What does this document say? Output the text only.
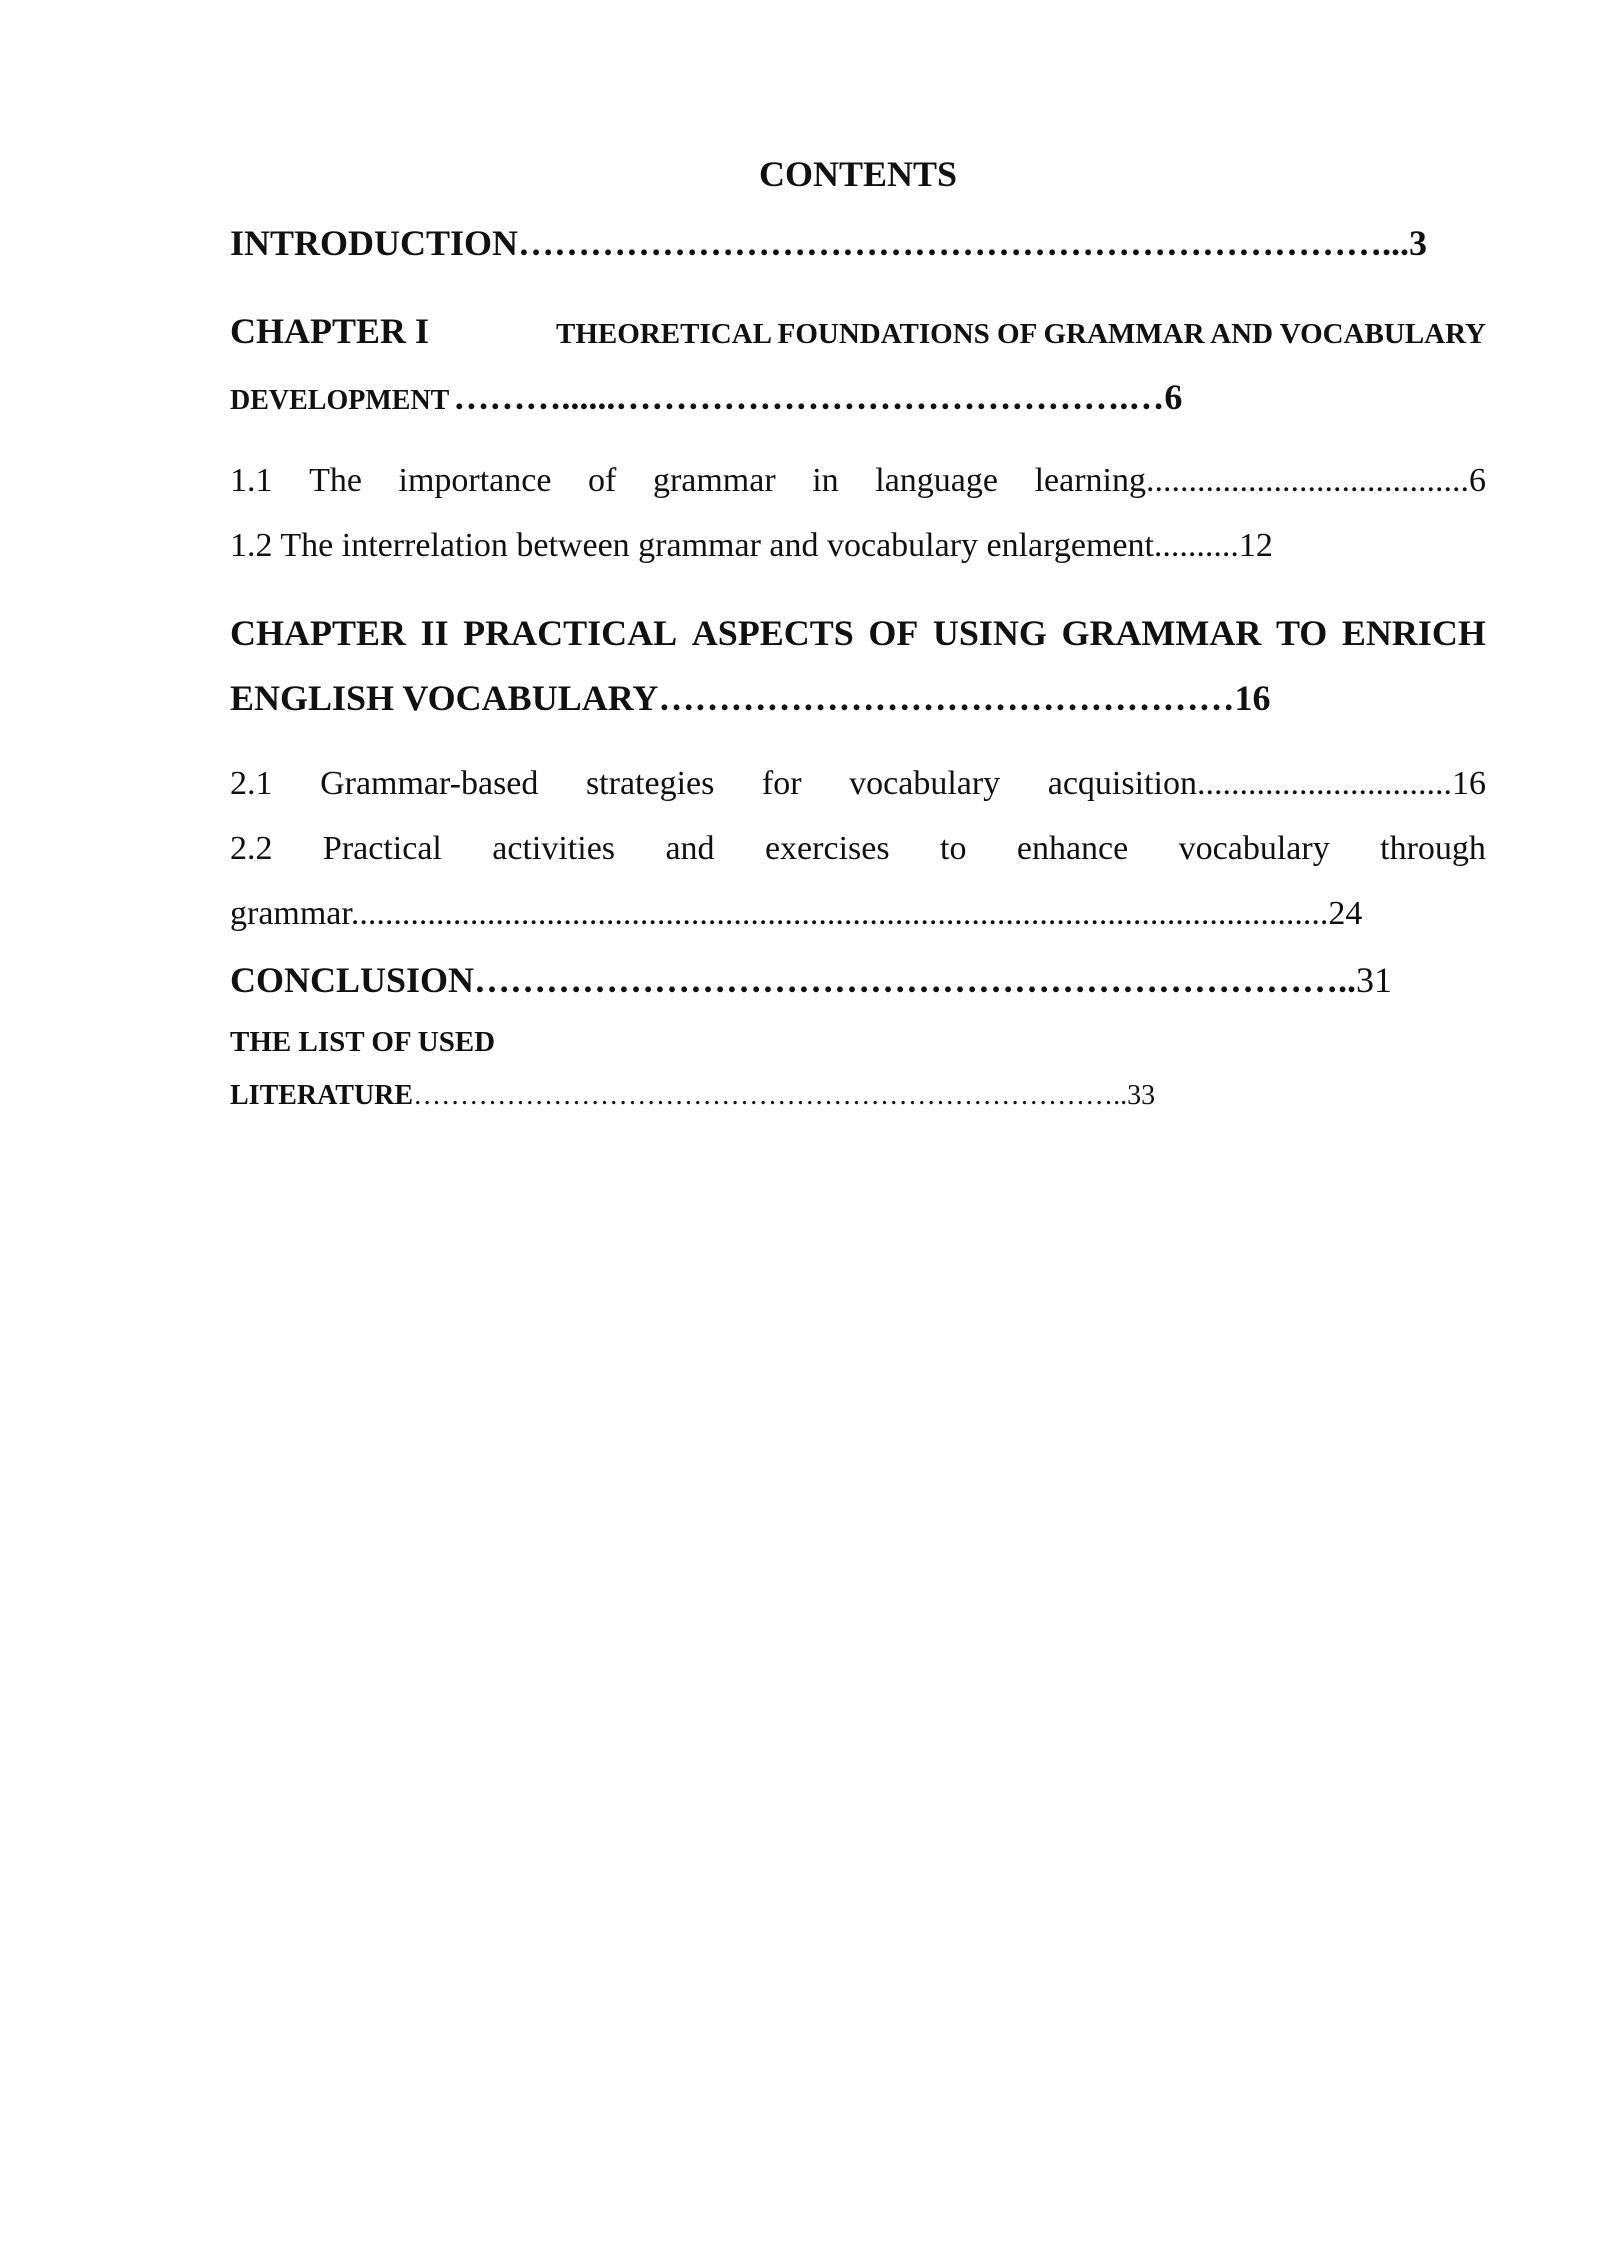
CONTENTS
INTRODUCTION………………………………………………………………...3
CHAPTER I	THEORETICAL FOUNDATIONS OF GRAMMAR AND VOCABULARY
DEVELOPMENT ………......…………………………………….…6
1.1 The importance of grammar in language learning......................................6
1.2 The interrelation between grammar and vocabulary enlargement..........12
CHAPTER II PRACTICAL ASPECTS OF USING GRAMMAR TO ENRICH
ENGLISH VOCABULARY…………………………………………16
2.1 Grammar-based strategies for vocabulary acquisition..............................16
2.2 Practical activities and exercises to enhance vocabulary through
grammar...................................................................................................................24
CONCLUSION………………………………………………………………..31
THE LIST OF USED
LITERATURE…………………………………………………………………..33
